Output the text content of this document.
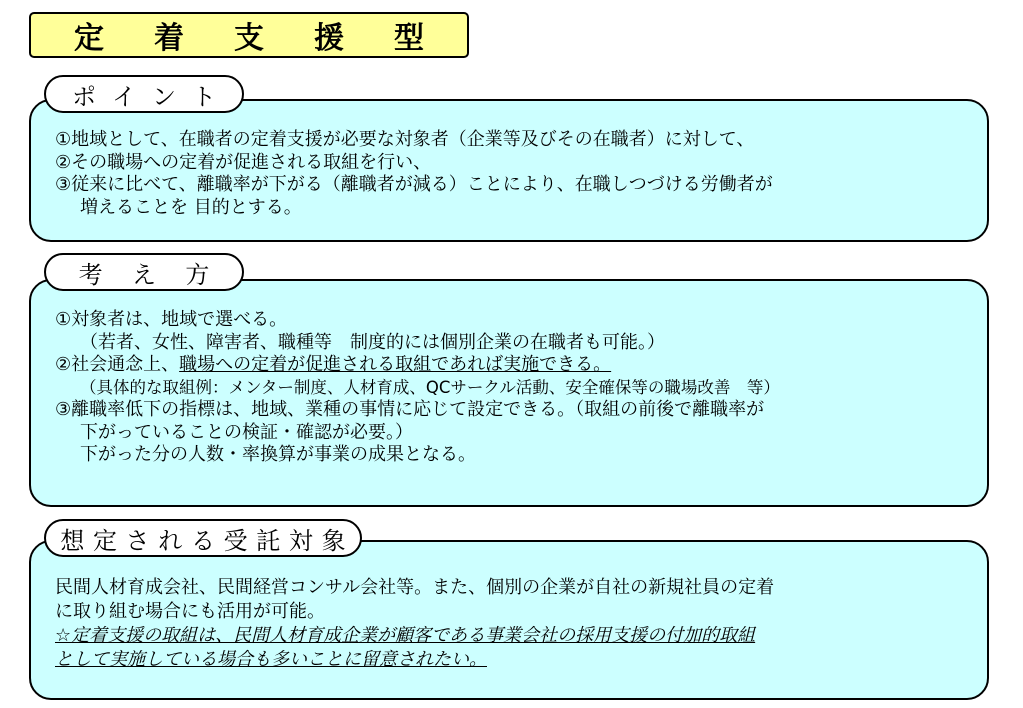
定 着 支 援 型
①地域として、在職者の定着支援が必要な対象者（企業等及びその在職者）に対して、
②その職場への定着が促進される取組を行い、
③従来に比べて、離職率が下がる（離職者が減る）ことにより、在職しつづける労働者が
増えることを 目的とする。
ポ イ ン ト
①対象者は、地域で選べる。
（若者、女性、障害者、職種等　制度的には個別企業の在職者も可能。）
②社会通念上、職場への定着が促進される取組であれば実施できる。
（具体的な取組例：メンター制度、人材育成、QCサークル活動、安全確保等の職場改善　等）
③離職率低下の指標は、地域、業種の事情に応じて設定できる。（取組の前後で離職率が
下がっていることの検証・確認が必要。）
下がった分の人数・率換算が事業の成果となる。
考 え 方
民間人材育成会社、民間経営コンサル会社等。また、個別の企業が自社の新規社員の定着
に取り組む場合にも活用が可能。
☆定着支援の取組は、民間人材育成企業が顧客である事業会社の採用支援の付加的取組
として実施している場合も多いことに留意されたい。
想 定 さ れ る 受 託 対 象
